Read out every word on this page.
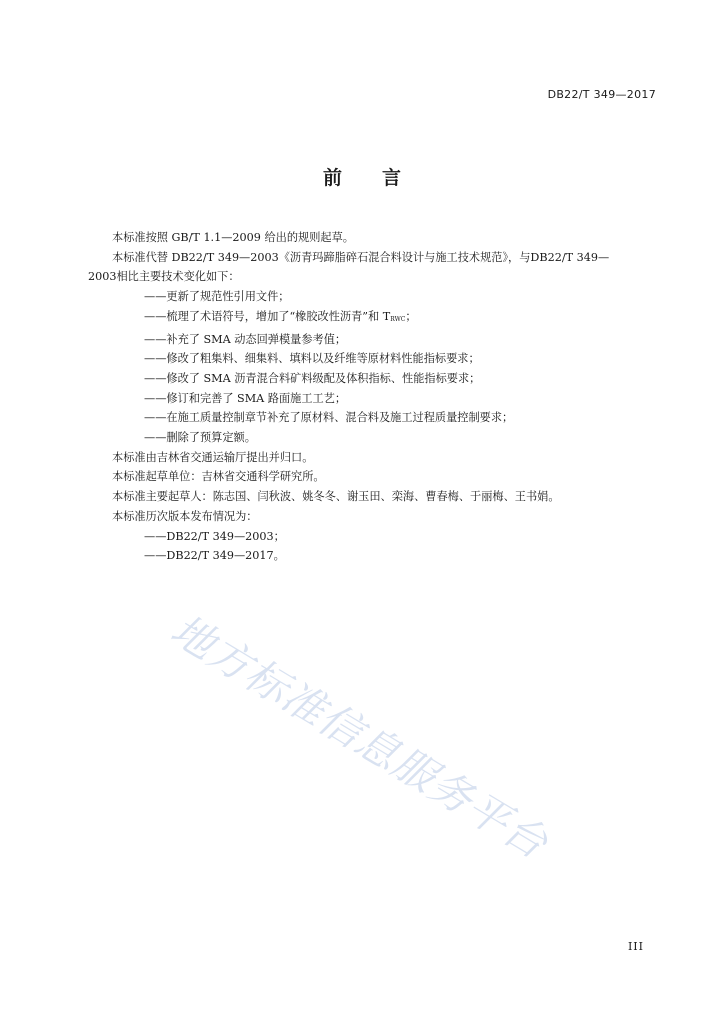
DB22/T 349—2017
前 言
本标准按照 GB/T 1.1—2009 给出的规则起草。
本标准代替 DB22/T 349—2003《沥青玛蹄脂碎石混合料设计与施工技术规范》，与DB22/T 349—
2003相比主要技术变化如下：
——更新了规范性引用文件；
——梳理了术语符号，增加了“橡胶改性沥青”和 TRWC；
——补充了 SMA 动态回弹模量参考值；
——修改了粗集料、细集料、填料以及纤维等原材料性能指标要求；
——修改了 SMA 沥青混合料矿料级配及体积指标、性能指标要求；
——修订和完善了 SMA 路面施工工艺；
——在施工质量控制章节补充了原材料、混合料及施工过程质量控制要求；
——删除了预算定额。
本标准由吉林省交通运输厅提出并归口。
本标准起草单位：吉林省交通科学研究所。
本标准主要起草人：陈志国、闫秋波、姚冬冬、谢玉田、栾海、曹春梅、于丽梅、王书娟。
本标准历次版本发布情况为：
——DB22/T 349—2003；
——DB22/T 349—2017。
地方标准信息服务平台
III
